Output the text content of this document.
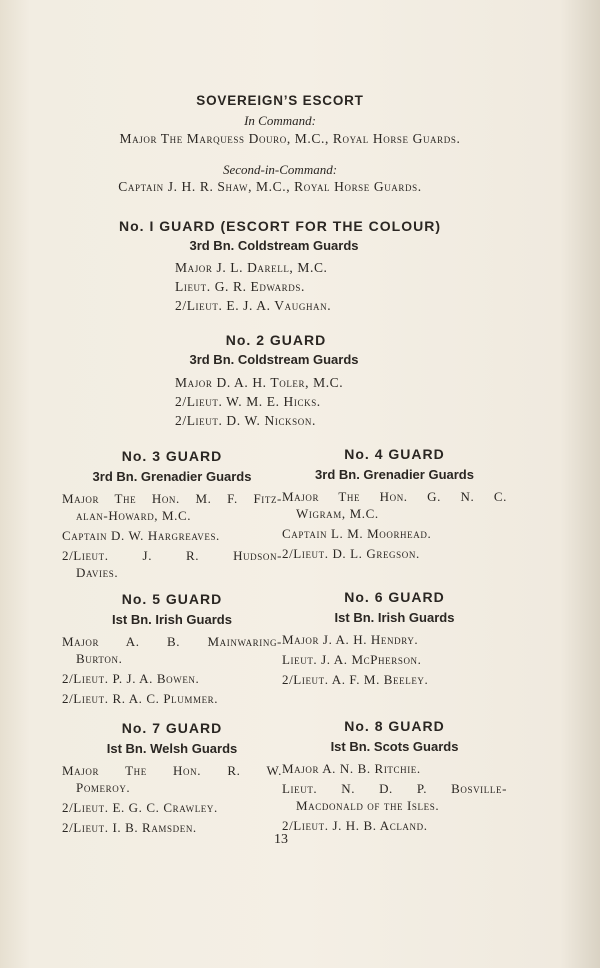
SOVEREIGN’S ESCORT
In Command:
Major The Marquess Douro, M.C., Royal Horse Guards.
Second-in-Command:
Captain J. H. R. Shaw, M.C., Royal Horse Guards.
No. I GUARD (ESCORT FOR THE COLOUR)
3rd Bn. Coldstream Guards
Major J. L. Darell, M.C.
Lieut. G. R. Edwards.
2/Lieut. E. J. A. Vaughan.
No. 2 GUARD
3rd Bn. Coldstream Guards
Major D. A. H. Toler, M.C.
2/Lieut. W. M. E. Hicks.
2/Lieut. D. W. Nickson.
No. 3 GUARD
3rd Bn. Grenadier Guards
Major The Hon. M. F. Fitz-
alan-Howard, M.C.
Captain D. W. Hargreaves.
2/Lieut. J. R. Hudson-
Davies.
No. 4 GUARD
3rd Bn. Grenadier Guards
Major The Hon. G. N. C.
Wigram, M.C.
Captain L. M. Moorhead.
2/Lieut. D. L. Gregson.
No. 5 GUARD
Ist Bn. Irish Guards
Major A. B. Mainwaring-
Burton.
2/Lieut. P. J. A. Bowen.
2/Lieut. R. A. C. Plummer.
No. 6 GUARD
Ist Bn. Irish Guards
Major J. A. H. Hendry.
Lieut. J. A. McPherson.
2/Lieut. A. F. M. Beeley.
No. 7 GUARD
Ist Bn. Welsh Guards
Major The Hon. R. W.
Pomeroy.
2/Lieut. E. G. C. Crawley.
2/Lieut. I. B. Ramsden.
No. 8 GUARD
Ist Bn. Scots Guards
Major A. N. B. Ritchie.
Lieut. N. D. P. Bosville-
Macdonald of the Isles.
2/Lieut. J. H. B. Acland.
13
